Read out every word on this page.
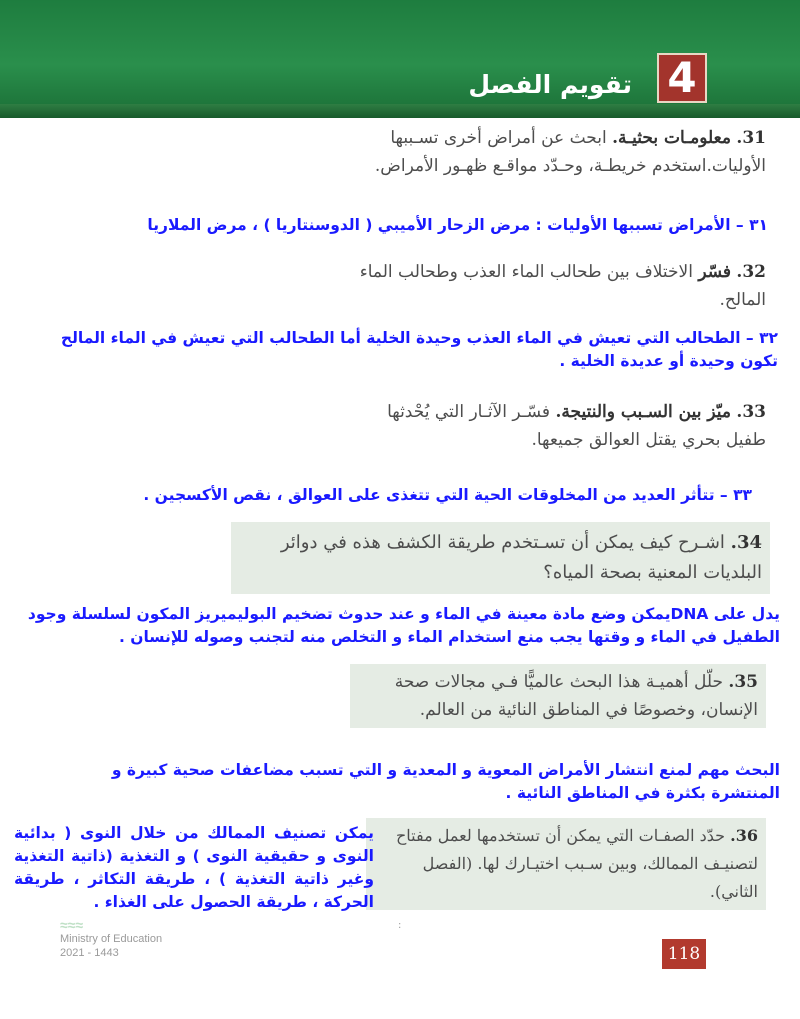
4
تقويم الفصل
31. معلومـات بحثيـة. ابحث عن أمراض أخرى تسـببها الأوليات.استخدم خريطـة، وحـدّد مواقـع ظهـور الأمراض.
٣١ – الأمراض تسببها الأوليات : مرض الزحار الأميبي ( الدوسنتاريا ) ، مرض الملاريا
32. فسّر الاختلاف بين طحالب الماء العذب وطحالب الماء المالح.
٣٢ – الطحالب التي تعيش في الماء العذب وحيدة الخلية أما الطحالب التي تعيش في الماء المالح تكون وحيدة أو عديدة الخلية .
33. ميّز بين السـبب والنتيجة. فسّـر الآثـار التي يُحْدثها طفيل بحري يقتل العوالق جميعها.
٣٣ – تتأثر العديد من المخلوقات الحية التي تتغذى على العوالق ، نقص الأكسجين .
34. اشـرح كيف يمكن أن تسـتخدم طريقة الكشف هذه في دوائر البلديات المعنية بصحة المياه؟
يدل على DNAيمكن وضع مادة معينة في الماء و عند حدوث تضخيم البوليميريز المكون لسلسلة وجود الطفيل في الماء و وقتها يجب منع استخدام الماء و التخلص منه لتجنب وصوله للإنسان .
35. حلّل أهميـة هذا البحث عالميًّا فـي مجالات صحة الإنسان، وخصوصًا في المناطق النائية من العالم.
البحث مهم لمنع انتشار الأمراض المعوية و المعدية و التي تسبب مضاعفات صحية كبيرة و المنتشرة بكثرة في المناطق النائية .
36. حدّد الصفـات التي يمكن أن تستخدمها لعمل مفتاح لتصنيـف الممالك، وبين سـبب اختيـارك لها. (الفصل الثاني).
يمكن تصنيف الممالك من خلال النوى ( بدائية النوى و حقيقية النوى ) و التغذية (ذاتية التغذية وغير ذاتية التغذية ) ، طريقة التكاثر ، طريقة الحركة ، طريقة الحصول على الغذاء .
≈≈≈
Ministry of Education
2021 - 1443
:
118
